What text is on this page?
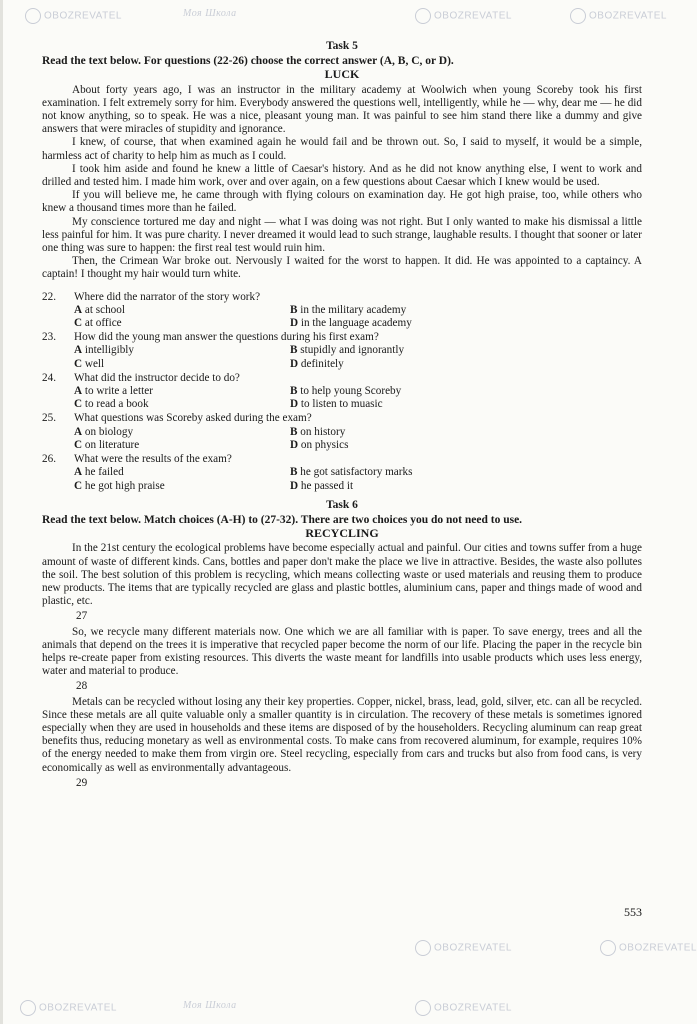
OBOZREVATEL	Моя Школа	OBOZREVATEL	OBOZREVATEL
OBOZREVATEL	OBOZREVATEL
OBOZREVATEL	Моя Школа	OBOZREVATEL
Task 5
Read the text below. For questions (22-26) choose the correct answer (A, B, C, or D).
LUCK

About forty years ago, I was an instructor in the military academy at Woolwich when young Scoreby took his first examination. I felt extremely sorry for him. Everybody answered the questions well, intelligently, while he — why, dear me — he did not know anything, so to speak. He was a nice, pleasant young man. It was painful to see him stand there like a dummy and give answers that were miracles of stupidity and ignorance.

I knew, of course, that when examined again he would fail and be thrown out. So, I said to myself, it would be a simple, harmless act of charity to help him as much as I could.

I took him aside and found he knew a little of Caesar's history. And as he did not know anything else, I went to work and drilled and tested him. I made him work, over and over again, on a few questions about Caesar which I knew would be used.

If you will believe me, he came through with flying colours on examination day. He got high praise, too, while others who knew a thousand times more than he failed.

My conscience tortured me day and night — what I was doing was not right. But I only wanted to make his dismissal a little less painful for him. It was pure charity. I never dreamed it would lead to such strange, laughable results. I thought that sooner or later one thing was sure to happen: the first real test would ruin him.

Then, the Crimean War broke out. Nervously I waited for the worst to happen. It did. He was appointed to a captaincy. A captain! I thought my hair would turn white.

22.	Where did the narrator of the story work?
A at school	B in the military academy
C at office	D in the language academy
23.	How did the young man answer the questions during his first exam?
A intelligibly	B stupidly and ignorantly
C well	D definitely
24.	What did the instructor decide to do?
A to write a letter	B to help young Scoreby
C to read a book	D to listen to muasic
25.	What questions was Scoreby asked during the exam?
A on biology	B on history
C on literature	D on physics
26.	What were the results of the exam?
A he failed	B he got satisfactory marks
C he got high praise	D he passed it
Task 6
Read the text below. Match choices (A-H) to (27-32). There are two choices you do not need to use.
RECYCLING

In the 21st century the ecological problems have become especially actual and painful. Our cities and towns suffer from a huge amount of waste of different kinds. Cans, bottles and paper don't make the place we live in attractive. Besides, the waste also pollutes the soil. The best solution of this problem is recycling, which means collecting waste or used materials and reusing them to produce new products. The items that are typically recycled are glass and plastic bottles, aluminium cans, paper and things made of wood and plastic, etc.

27

So, we recycle many different materials now. One which we are all familiar with is paper. To save energy, trees and all the animals that depend on the trees it is imperative that recycled paper become the norm of our life. Placing the paper in the recycle bin helps re-create paper from existing resources. This diverts the waste meant for landfills into usable products which uses less energy, water and material to produce.

28

Metals can be recycled without losing any their key properties. Copper, nickel, brass, lead, gold, silver, etc. can all be recycled. Since these metals are all quite valuable only a smaller quantity is in circulation. The recovery of these metals is sometimes ignored especially when they are used in households and these items are disposed of by the householders. Recycling aluminum can reap great benefits thus, reducing monetary as well as environmental costs. To make cans from recovered aluminum, for example, requires 10% of the energy needed to make them from virgin ore. Steel recycling, especially from cars and trucks but also from food cans, is very economically as well as environmentally advantageous.

29
553
